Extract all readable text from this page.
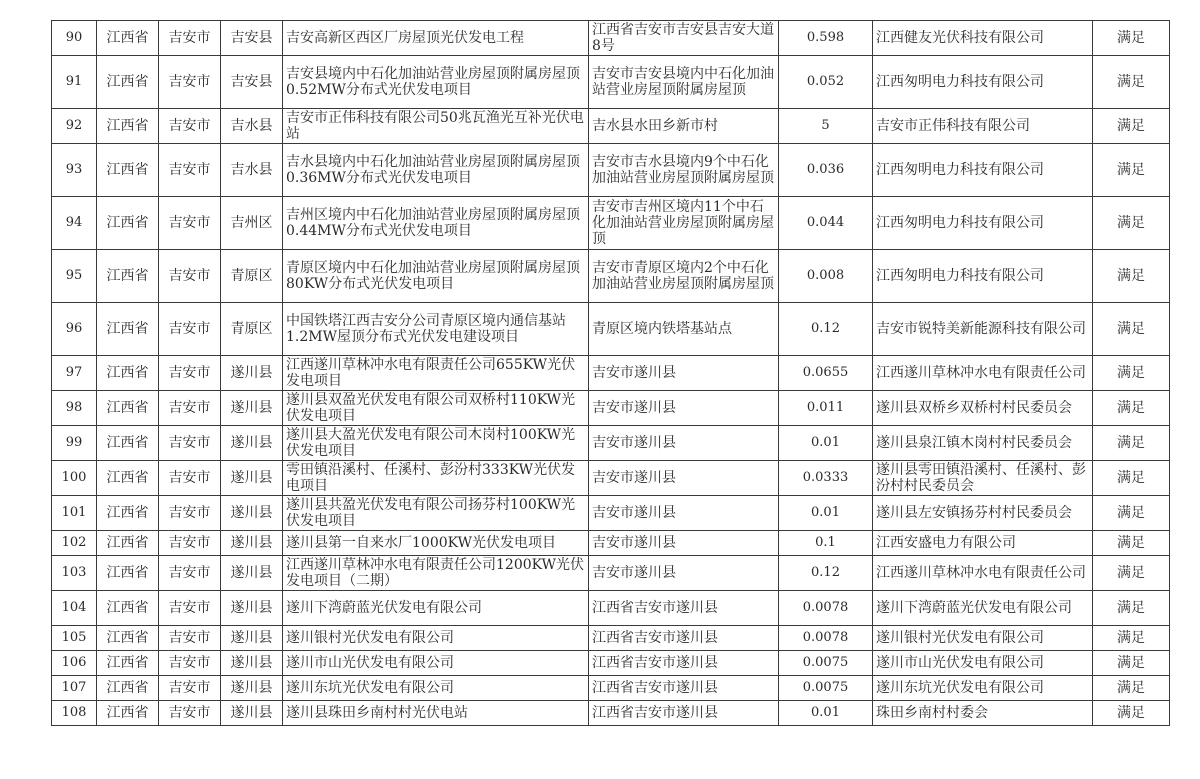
90	江西省	吉安市	吉安县	吉安高新区西区厂房屋顶光伏发电工程	江西省吉安市吉安县吉安大道8号	0.598	江西健友光伏科技有限公司	满足
91	江西省	吉安市	吉安县	吉安县境内中石化加油站营业房屋顶附属房屋顶0.52MW分布式光伏发电项目	吉安市吉安县境内中石化加油站营业房屋顶附属房屋顶	0.052	江西匆明电力科技有限公司	满足
92	江西省	吉安市	吉水县	吉安市正伟科技有限公司50兆瓦渔光互补光伏电站	吉水县水田乡新市村	5	吉安市正伟科技有限公司	满足
93	江西省	吉安市	吉水县	吉水县境内中石化加油站营业房屋顶附属房屋顶0.36MW分布式光伏发电项目	吉安市吉水县境内9个中石化加油站营业房屋顶附属房屋顶	0.036	江西匆明电力科技有限公司	满足
94	江西省	吉安市	吉州区	吉州区境内中石化加油站营业房屋顶附属房屋顶0.44MW分布式光伏发电项目	吉安市吉州区境内11个中石化加油站营业房屋顶附属房屋顶	0.044	江西匆明电力科技有限公司	满足
95	江西省	吉安市	青原区	青原区境内中石化加油站营业房屋顶附属房屋顶80KW分布式光伏发电项目	吉安市青原区境内2个中石化加油站营业房屋顶附属房屋顶	0.008	江西匆明电力科技有限公司	满足
96	江西省	吉安市	青原区	中国铁塔江西吉安分公司青原区境内通信基站1.2MW屋顶分布式光伏发电建设项目	青原区境内铁塔基站点	0.12	吉安市锐特美新能源科技有限公司	满足
97	江西省	吉安市	遂川县	江西遂川草林冲水电有限责任公司655KW光伏发电项目	吉安市遂川县	0.0655	江西遂川草林冲水电有限责任公司	满足
98	江西省	吉安市	遂川县	遂川县双盈光伏发电有限公司双桥村110KW光伏发电项目	吉安市遂川县	0.011	遂川县双桥乡双桥村村民委员会	满足
99	江西省	吉安市	遂川县	遂川县大盈光伏发电有限公司木岗村100KW光伏发电项目	吉安市遂川县	0.01	遂川县泉江镇木岗村村民委员会	满足
100	江西省	吉安市	遂川县	雩田镇沿溪村、任溪村、彭汾村333KW光伏发电项目	吉安市遂川县	0.0333	遂川县雩田镇沿溪村、任溪村、彭汾村村民委员会	满足
101	江西省	吉安市	遂川县	遂川县共盈光伏发电有限公司扬芬村100KW光伏发电项目	吉安市遂川县	0.01	遂川县左安镇扬芬村村民委员会	满足
102	江西省	吉安市	遂川县	遂川县第一自来水厂1000KW光伏发电项目	吉安市遂川县	0.1	江西安盛电力有限公司	满足
103	江西省	吉安市	遂川县	江西遂川草林冲水电有限责任公司1200KW光伏发电项目（二期）	吉安市遂川县	0.12	江西遂川草林冲水电有限责任公司	满足
104	江西省	吉安市	遂川县	遂川下湾蔚蓝光伏发电有限公司	江西省吉安市遂川县	0.0078	遂川下湾蔚蓝光伏发电有限公司	满足
105	江西省	吉安市	遂川县	遂川银村光伏发电有限公司	江西省吉安市遂川县	0.0078	遂川银村光伏发电有限公司	满足
106	江西省	吉安市	遂川县	遂川市山光伏发电有限公司	江西省吉安市遂川县	0.0075	遂川市山光伏发电有限公司	满足
107	江西省	吉安市	遂川县	遂川东坑光伏发电有限公司	江西省吉安市遂川县	0.0075	遂川东坑光伏发电有限公司	满足
108	江西省	吉安市	遂川县	遂川县珠田乡南村村光伏电站	江西省吉安市遂川县	0.01	珠田乡南村村委会	满足
